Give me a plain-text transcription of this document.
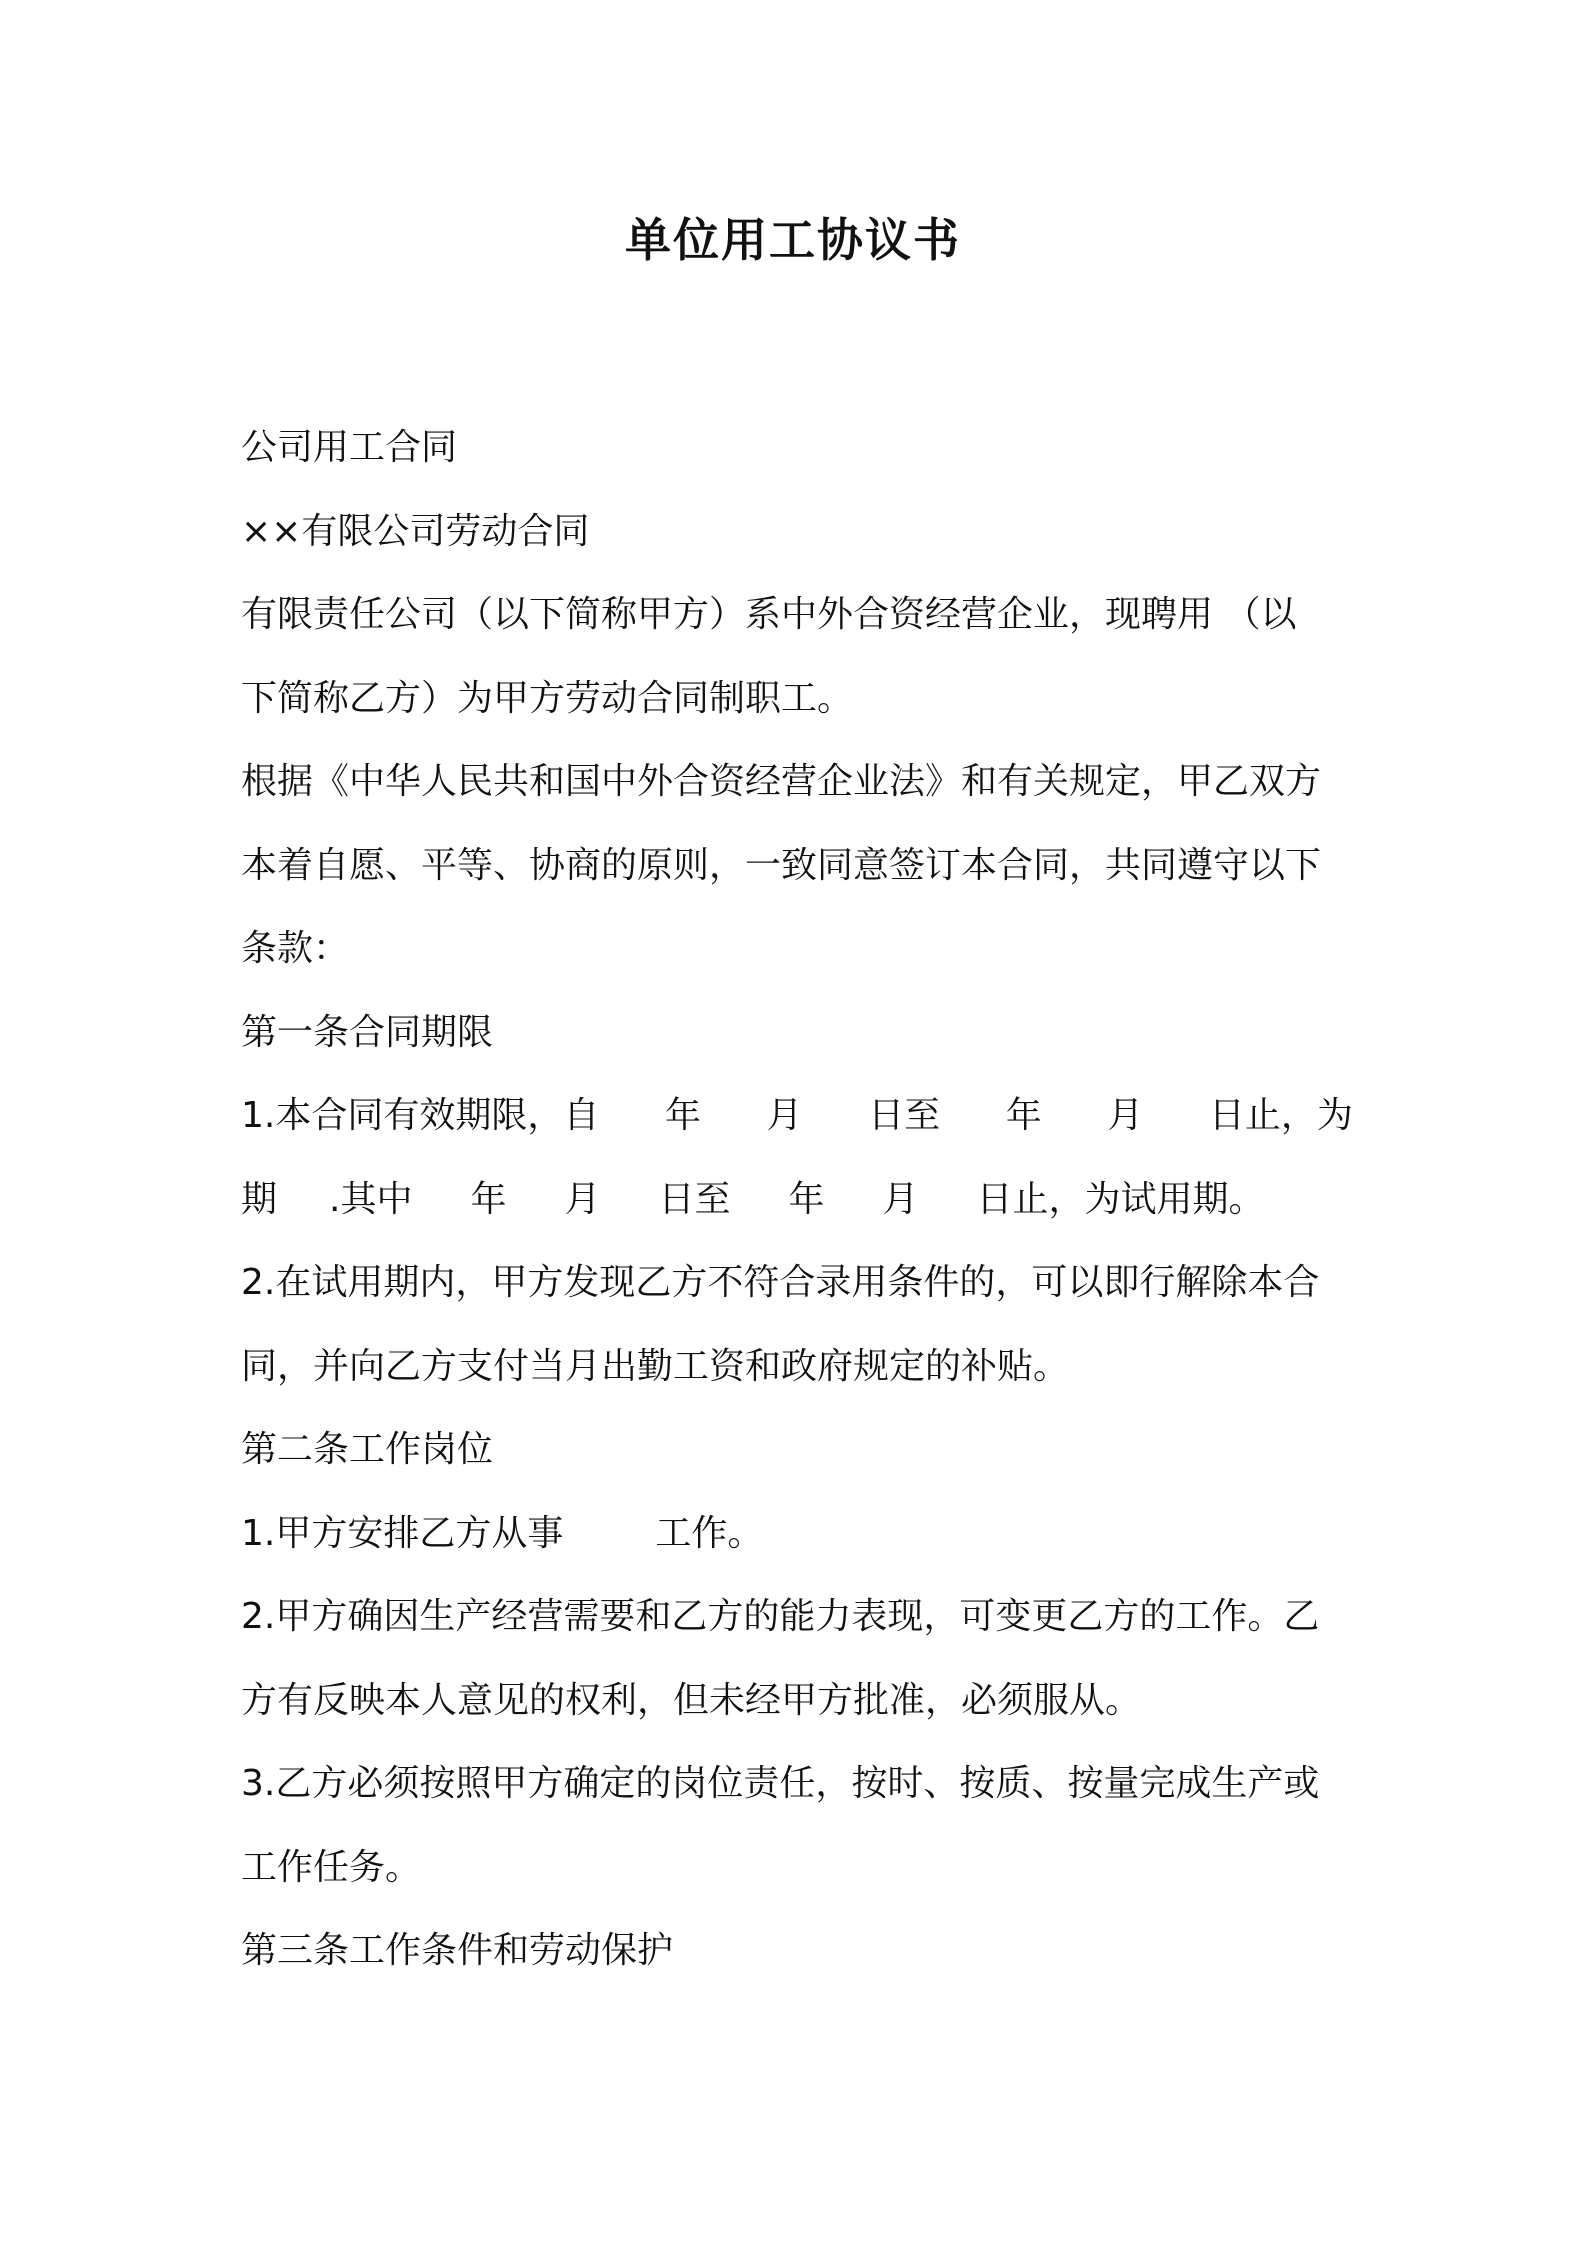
单位用工协议书
公司用工合同
××有限公司劳动合同
有限责任公司（以下简称甲方）系中外合资经营企业，现聘用 （以
下简称乙方）为甲方劳动合同制职工。
根据《中华人民共和国中外合资经营企业法》和有关规定，甲乙双方
本着自愿、平等、协商的原则，一致同意签订本合同，共同遵守以下
条款：
第一条合同期限
1.本合同有效期限，自 年 月 日至 年 月 日止，为
期 .其中 年 月 日至 年 月 日止，为试用期。
2.在试用期内，甲方发现乙方不符合录用条件的，可以即行解除本合
同，并向乙方支付当月出勤工资和政府规定的补贴。
第二条工作岗位
1.甲方安排乙方从事	工作。
2.甲方确因生产经营需要和乙方的能力表现，可变更乙方的工作。乙
方有反映本人意见的权利，但未经甲方批准，必须服从。
3.乙方必须按照甲方确定的岗位责任，按时、按质、按量完成生产或
工作任务。
第三条工作条件和劳动保护
